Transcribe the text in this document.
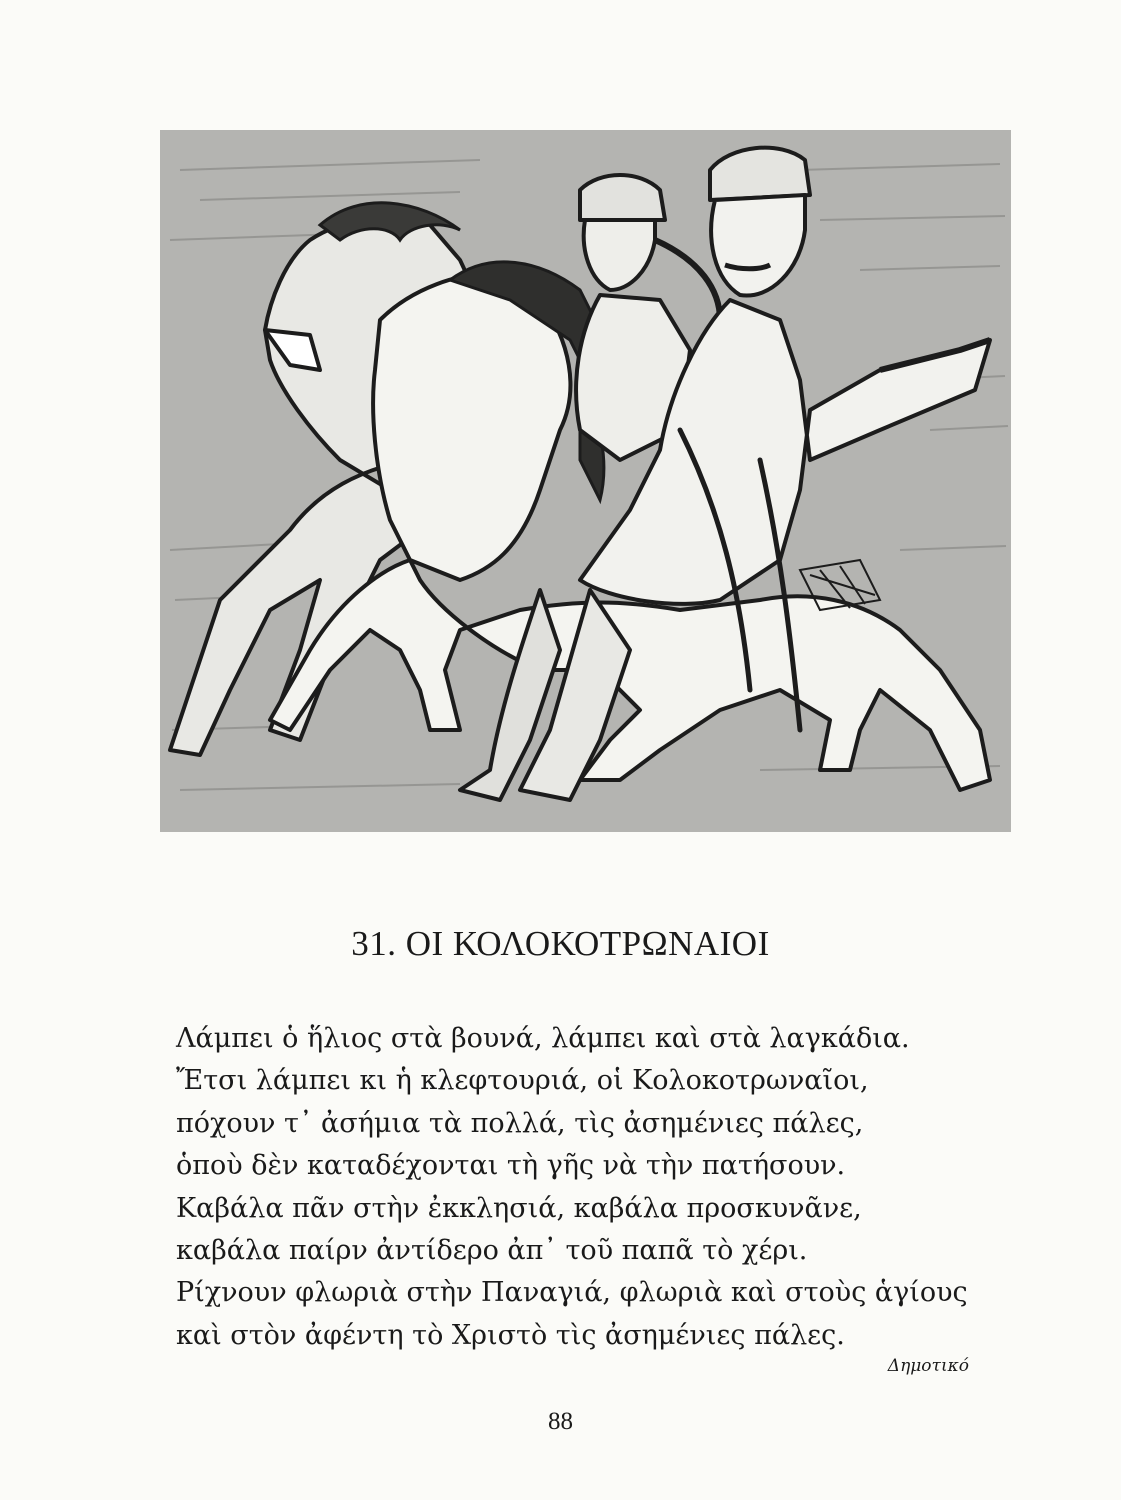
31. ΟΙ ΚΟΛΟΚΟΤΡΩΝΑΙΟΙ
Λάμπει ὁ ἥλιος στὰ βουνά, λάμπει καὶ στὰ λαγκάδια.
Ἔτσι λάμπει κι ἡ κλεφτουριά, οἱ Κολοκοτρωναῖοι,
πόχουν τ᾽ ἀσήμια τὰ πολλά, τὶς ἀσημένιες πάλες,
ὁποὺ δὲν καταδέχονται τὴ γῆς νὰ τὴν πατήσουν.
Καβάλα πᾶν στὴν ἐκκλησιά, καβάλα προσκυνᾶνε,
καβάλα παίρν ἀντίδερο ἀπ᾽ τοῦ παπᾶ τὸ χέρι.
Ρίχνουν φλωριὰ στὴν Παναγιά, φλωριὰ καὶ στοὺς ἁγίους
καὶ στὸν ἀφέντη τὸ Χριστὸ τὶς ἀσημένιες πάλες.
Δημοτικό
88
